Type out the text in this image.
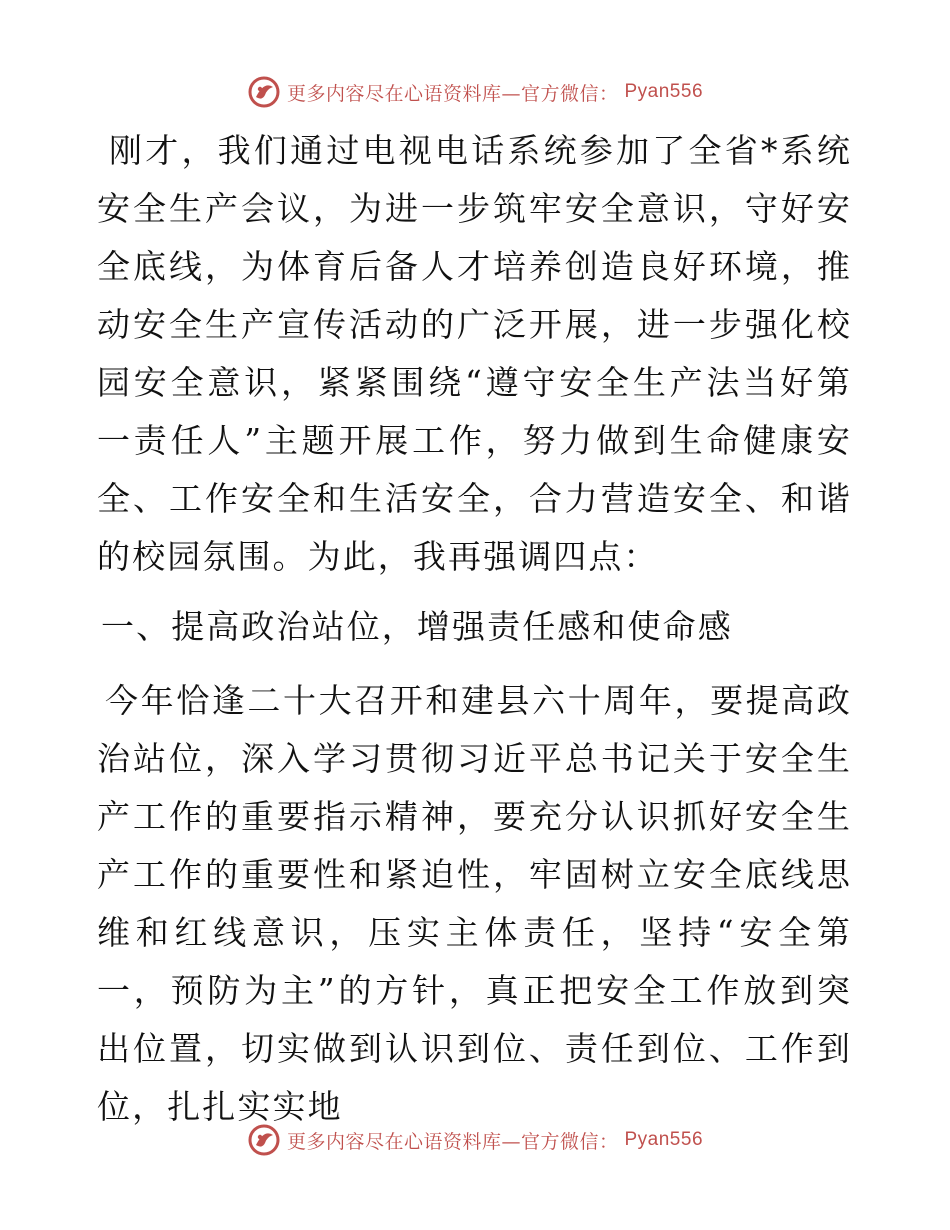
更多内容尽在心语资料库—官方微信： Pyan556

刚才，我们通过电视电话系统参加了全省*系统安全生产会议，为进一步筑牢安全意识，守好安全底线，为体育后备人才培养创造良好环境，推动安全生产宣传活动的广泛开展，进一步强化校园安全意识，紧紧围绕“遵守安全生产法当好第一责任人”主题开展工作，努力做到生命健康安全、工作安全和生活安全，合力营造安全、和谐的校园氛围。为此，我再强调四点：

一、提高政治站位，增强责任感和使命感

今年恰逢二十大召开和建县六十周年，要提高政治站位，深入学习贯彻习近平总书记关于安全生产工作的重要指示精神，要充分认识抓好安全生产工作的重要性和紧迫性，牢固树立安全底线思维和红线意识，压实主体责任，坚持“安全第一，预防为主”的方针，真正把安全工作放到突出位置，切实做到认识到位、责任到位、工作到位，扎扎实实地

更多内容尽在心语资料库—官方微信： Pyan556
